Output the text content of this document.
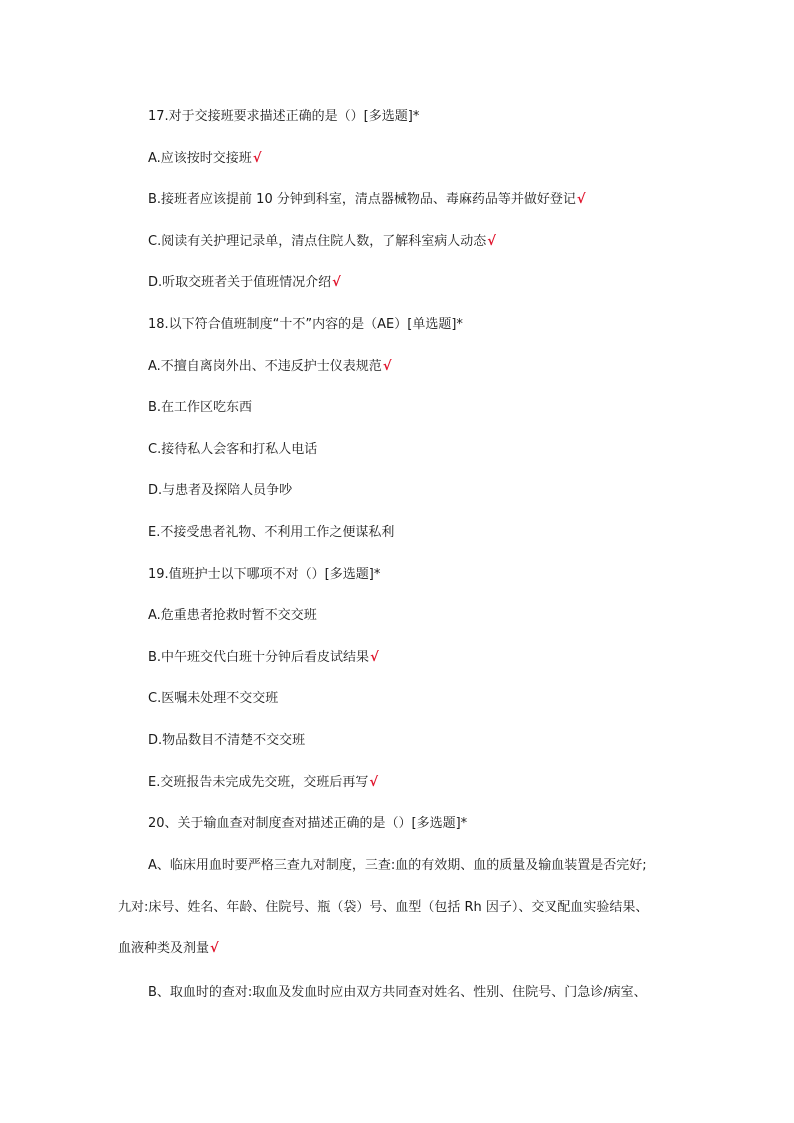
17.对于交接班要求描述正确的是（）[多选题]*
A.应该按时交接班√
B.接班者应该提前 10 分钟到科室，清点器械物品、毒麻药品等并做好登记√
C.阅读有关护理记录单，清点住院人数，了解科室病人动态√
D.听取交班者关于值班情况介绍√
18.以下符合值班制度“十不”内容的是（AE）[单选题]*
A.不擅自离岗外出、不违反护士仪表规范√
B.在工作区吃东西
C.接待私人会客和打私人电话
D.与患者及探陪人员争吵
E.不接受患者礼物、不利用工作之便谋私利
19.值班护士以下哪项不对（）[多选题]*
A.危重患者抢救时暂不交交班
B.中午班交代白班十分钟后看皮试结果√
C.医嘱未处理不交交班
D.物品数目不清楚不交交班
E.交班报告未完成先交班，交班后再写√
20、关于输血查对制度查对描述正确的是（）[多选题]*
A、临床用血时要严格三查九对制度，三查:血的有效期、血的质量及输血装置是否完好;
九对:床号、姓名、年龄、住院号、瓶（袋）号、血型（包括 Rh 因子）、交叉配血实验结果、
血液种类及剂量√
B、取血时的查对:取血及发血时应由双方共同查对姓名、性别、住院号、门急诊/病室、
